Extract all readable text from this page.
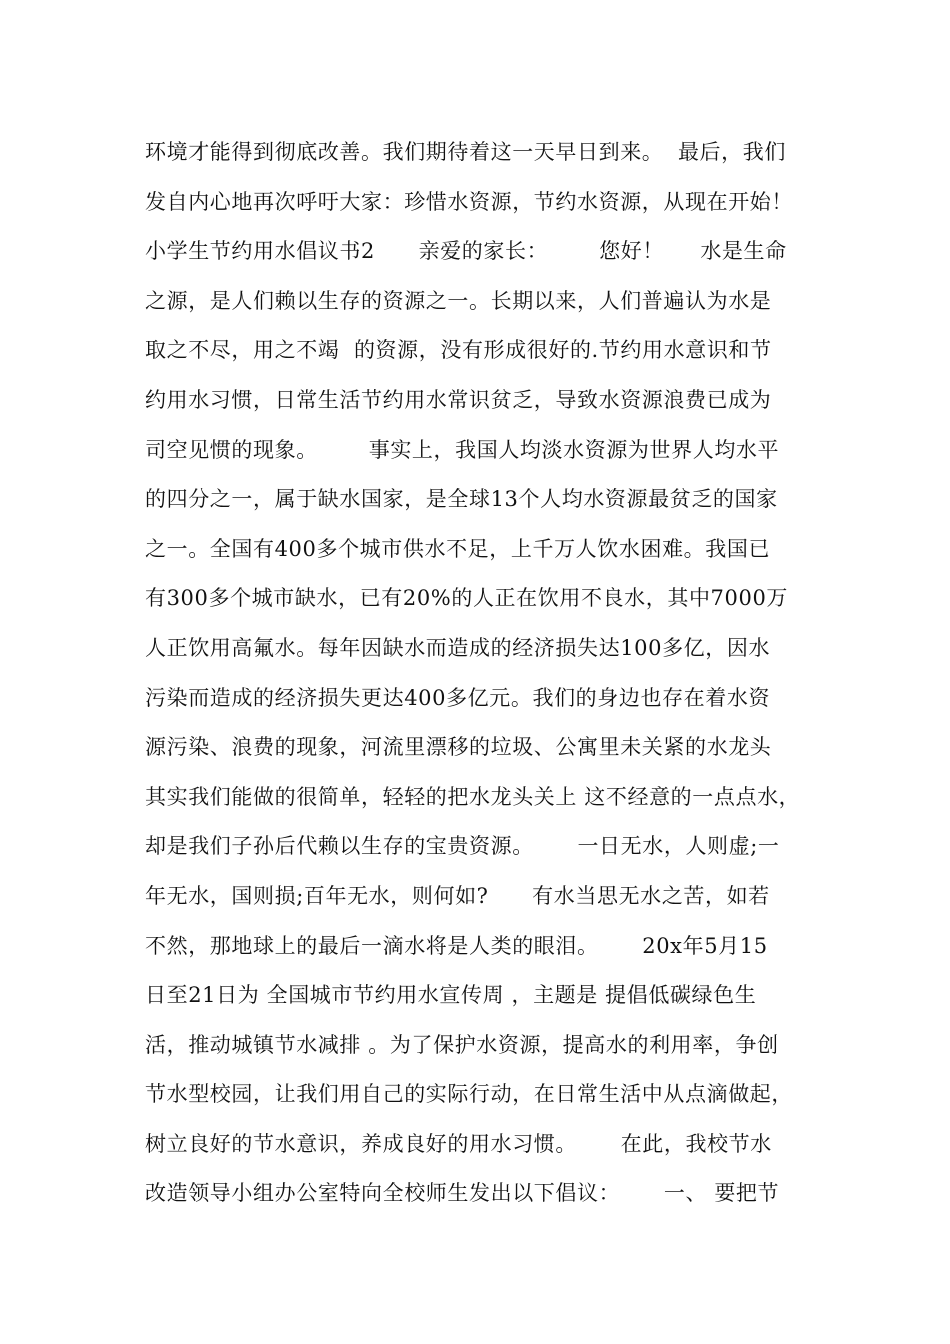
环境才能得到彻底改善。我们期待着这一天早日到来。  最后，我们
发自内心地再次呼吁大家：珍惜水资源，节约水资源，从现在开始！
小学生节约用水倡议书2      亲爱的家长：       您好！     水是生命
之源，是人们赖以生存的资源之一。长期以来，人们普遍认为水是
取之不尽，用之不竭  的资源，没有形成很好的.节约用水意识和节
约用水习惯，日常生活节约用水常识贫乏，导致水资源浪费已成为
司空见惯的现象。       事实上，我国人均淡水资源为世界人均水平
的四分之一，属于缺水国家，是全球13个人均水资源最贫乏的国家
之一。全国有400多个城市供水不足，上千万人饮水困难。我国已
有300多个城市缺水，已有20%的人正在饮用不良水，其中7000万
人正饮用高氟水。每年因缺水而造成的经济损失达100多亿，因水
污染而造成的经济损失更达400多亿元。我们的身边也存在着水资
源污染、浪费的现象，河流里漂移的垃圾、公寓里未关紧的水龙头
其实我们能做的很简单，轻轻的把水龙头关上 这不经意的一点点水，
却是我们子孙后代赖以生存的宝贵资源。      一日无水，人则虚;一
年无水，国则损;百年无水，则何如?      有水当思无水之苦，如若
不然，那地球上的最后一滴水将是人类的眼泪。      20x年5月15
日至21日为 全国城市节约用水宣传周 ，主题是 提倡低碳绿色生
活，推动城镇节水减排 。为了保护水资源，提高水的利用率，争创
节水型校园，让我们用自己的实际行动，在日常生活中从点滴做起，
树立良好的节水意识，养成良好的用水习惯。      在此，我校节水
改造领导小组办公室特向全校师生发出以下倡议：      一、 要把节
